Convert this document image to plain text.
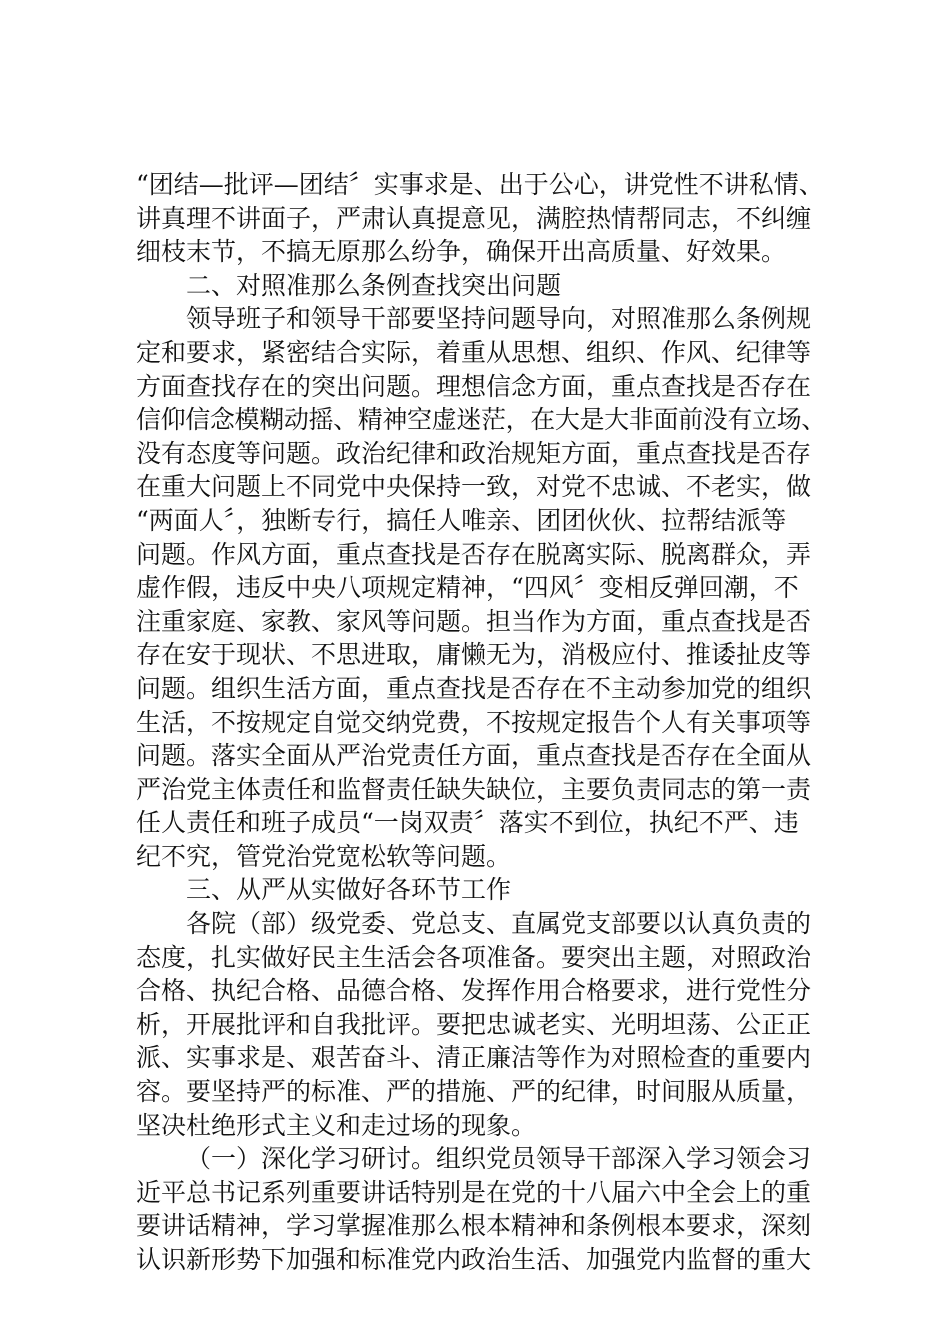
“团结—批评—团结〞实事求是、出于公心，讲党性不讲私情、
讲真理不讲面子，严肃认真提意见，满腔热情帮同志，不纠缠
细枝末节，不搞无原那么纷争，确保开出高质量、好效果。
二、对照准那么条例查找突出问题
领导班子和领导干部要坚持问题导向，对照准那么条例规
定和要求，紧密结合实际，着重从思想、组织、作风、纪律等
方面查找存在的突出问题。理想信念方面，重点查找是否存在
信仰信念模糊动摇、精神空虚迷茫，在大是大非面前没有立场、
没有态度等问题。政治纪律和政治规矩方面，重点查找是否存
在重大问题上不同党中央保持一致，对党不忠诚、不老实，做
“两面人〞，独断专行，搞任人唯亲、团团伙伙、拉帮结派等
问题。作风方面，重点查找是否存在脱离实际、脱离群众，弄
虚作假，违反中央八项规定精神，“四风〞变相反弹回潮，不
注重家庭、家教、家风等问题。担当作为方面，重点查找是否
存在安于现状、不思进取，庸懒无为，消极应付、推诿扯皮等
问题。组织生活方面，重点查找是否存在不主动参加党的组织
生活，不按规定自觉交纳党费，不按规定报告个人有关事项等
问题。落实全面从严治党责任方面，重点查找是否存在全面从
严治党主体责任和监督责任缺失缺位，主要负责同志的第一责
任人责任和班子成员“一岗双责〞落实不到位，执纪不严、违
纪不究，管党治党宽松软等问题。
三、从严从实做好各环节工作
各院（部）级党委、党总支、直属党支部要以认真负责的
态度，扎实做好民主生活会各项准备。要突出主题，对照政治
合格、执纪合格、品德合格、发挥作用合格要求，进行党性分
析，开展批评和自我批评。要把忠诚老实、光明坦荡、公正正
派、实事求是、艰苦奋斗、清正廉洁等作为对照检查的重要内
容。要坚持严的标准、严的措施、严的纪律，时间服从质量，
坚决杜绝形式主义和走过场的现象。
（一）深化学习研讨。组织党员领导干部深入学习领会习
近平总书记系列重要讲话特别是在党的十八届六中全会上的重
要讲话精神，学习掌握准那么根本精神和条例根本要求，深刻
认识新形势下加强和标准党内政治生活、加强党内监督的重大
